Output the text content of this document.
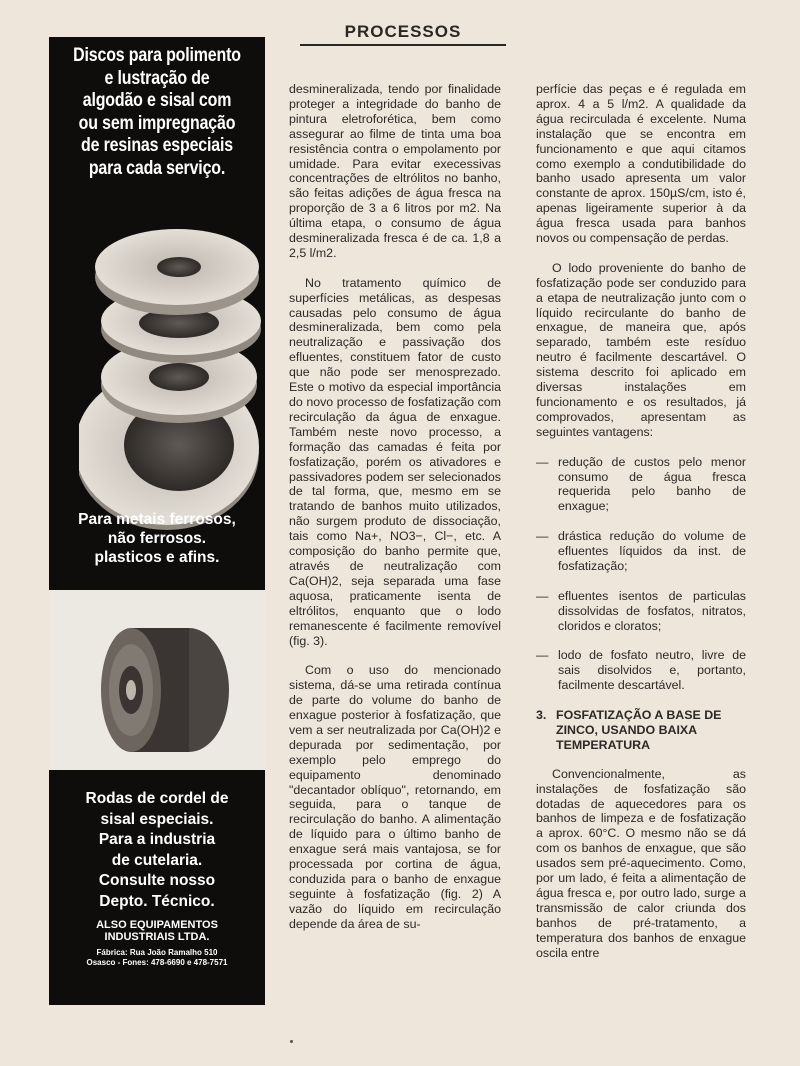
PROCESSOS
Discos para polimento
e lustração de
algodão e sisal com
ou sem impregnação
de resinas especiais
para cada serviço.
Para metais ferrosos,
não ferrosos.
plasticos e afins.
Rodas de cordel de
sisal especiais.
Para a industria
de cutelaria.
Consulte nosso
Depto. Técnico.
ALSO EQUIPAMENTOS
INDUSTRIAIS LTDA.
Fábrica: Rua João Ramalho 510
Osasco - Fones: 478-6690 e 478-7571

desmineralizada, tendo por finalidade proteger a integridade do banho de pintura eletroforética, bem como assegurar ao filme de tinta uma boa resistência contra o empolamento por umidade. Para evitar execessivas concentrações de eltrólitos no banho, são feitas adições de água fresca na proporção de 3 a 6 litros por m2. Na última etapa, o consumo de água desmineralizada fresca é de ca. 1,8 a 2,5 l/m2.

No tratamento químico de superfícies metálicas, as despesas causadas pelo consumo de água desmineralizada, bem como pela neutralização e passivação dos efluentes, constituem fator de custo que não pode ser menosprezado. Este o motivo da especial importância do novo processo de fosfatização com recirculação da água de enxague. Também neste novo processo, a formação das camadas é feita por fosfatização, porém os ativadores e passivadores podem ser selecionados de tal forma, que, mesmo em se tratando de banhos muito utilizados, não surgem produto de dissociação, tais como Na+, NO3−, Cl−, etc. A composição do banho permite que, através de neutralização com Ca(OH)2, seja separada uma fase aquosa, praticamente isenta de eltrólitos, enquanto que o lodo remanescente é facilmente removível (fig. 3).

Com o uso do mencionado sistema, dá-se uma retirada contínua de parte do volume do banho de enxague posterior à fosfatização, que vem a ser neutralizada por Ca(OH)2 e depurada por sedimentação, por exemplo pelo emprego do equipamento denominado "decantador oblíquo", retornando, em seguida, para o tanque de recirculação do banho. A alimentação de líquido para o último banho de enxague será mais vantajosa, se for processada por cortina de água, conduzida para o banho de enxague seguinte à fosfatização (fig. 2) A vazão do líquido em recirculação depende da área de su-

perfície das peças e é regulada em aprox. 4 a 5 l/m2. A qualidade da água recirculada é excelente. Numa instalação que se encontra em funcionamento e que aqui citamos como exemplo a condutibilidade do banho usado apresenta um valor constante de aprox. 150µS/cm, isto é, apenas ligeiramente superior à da água fresca usada para banhos novos ou compensação de perdas.

O lodo proveniente do banho de fosfatização pode ser conduzido para a etapa de neutralização junto com o líquido recirculante do banho de enxague, de maneira que, após separado, também este resíduo neutro é facilmente descartável. O sistema descrito foi aplicado em diversas instalações em funcionamento e os resultados, já comprovados, apresentam as seguintes vantagens:

— redução de custos pelo menor consumo de água fresca requerida pelo banho de enxague;
— drástica redução do volume de efluentes líquidos da inst. de fosfatização;
— efluentes isentos de particulas dissolvidas de fosfatos, nitratos, cloridos e cloratos;
— lodo de fosfato neutro, livre de sais disolvidos e, portanto, facilmente descartável.
3. FOSFATIZAÇÃO A BASE DE ZINCO, USANDO BAIXA TEMPERATURA

Convencionalmente, as instalações de fosfatização são dotadas de aquecedores para os banhos de limpeza e de fosfatização a aprox. 60°C. O mesmo não se dá com os banhos de enxague, que são usados sem pré-aquecimento. Como, por um lado, é feita a alimentação de água fresca e, por outro lado, surge a transmissão de calor criunda dos banhos de pré-tratamento, a temperatura dos banhos de enxague oscila entre
